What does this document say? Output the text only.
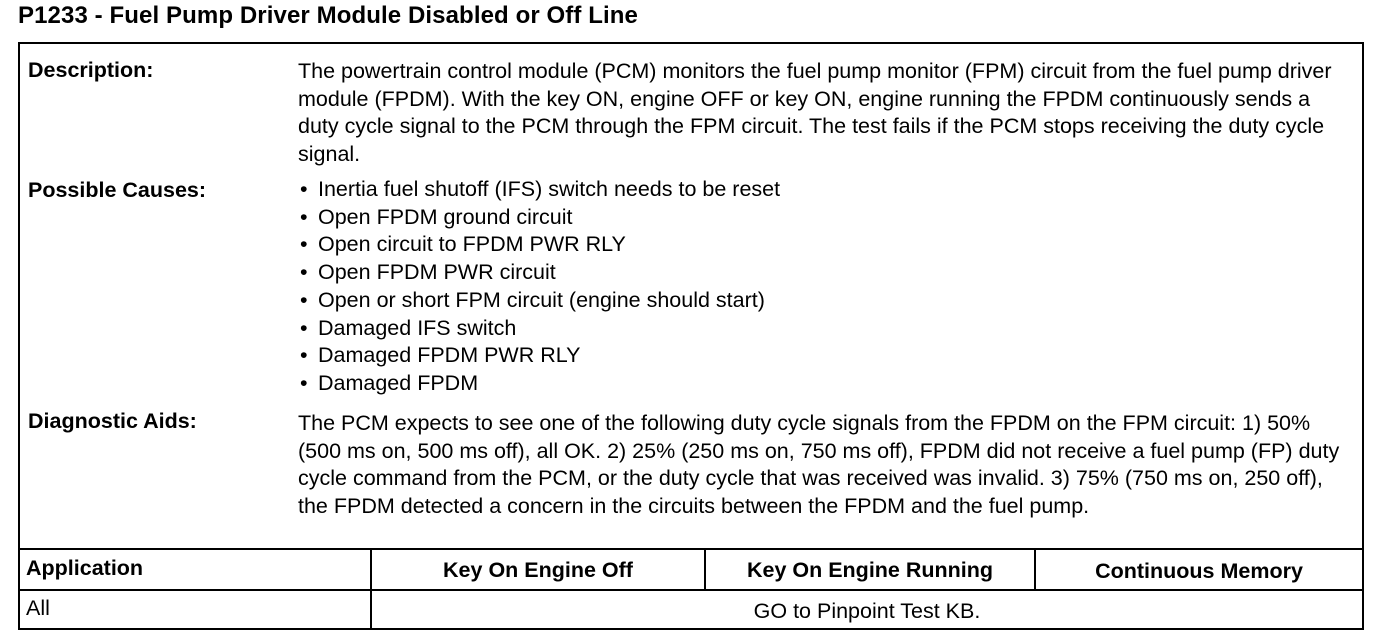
P1233 - Fuel Pump Driver Module Disabled or Off Line
Description:	The powertrain control module (PCM) monitors the fuel pump monitor (FPM) circuit from the fuel pump driver module (FPDM). With the key ON, engine OFF or key ON, engine running the FPDM continuously sends a duty cycle signal to the PCM through the FPM circuit. The test fails if the PCM stops receiving the duty cycle signal.
Possible Causes:	• Inertia fuel shutoff (IFS) switch needs to be reset
• Open FPDM ground circuit
• Open circuit to FPDM PWR RLY
• Open FPDM PWR circuit
• Open or short FPM circuit (engine should start)
• Damaged IFS switch
• Damaged FPDM PWR RLY
• Damaged FPDM
Diagnostic Aids:	The PCM expects to see one of the following duty cycle signals from the FPDM on the FPM circuit: 1) 50% (500 ms on, 500 ms off), all OK. 2) 25% (250 ms on, 750 ms off), FPDM did not receive a fuel pump (FP) duty cycle command from the PCM, or the duty cycle that was received was invalid. 3) 75% (750 ms on, 250 off), the FPDM detected a concern in the circuits between the FPDM and the fuel pump.
Application	Key On Engine Off	Key On Engine Running	Continuous Memory
All	GO to Pinpoint Test KB.
